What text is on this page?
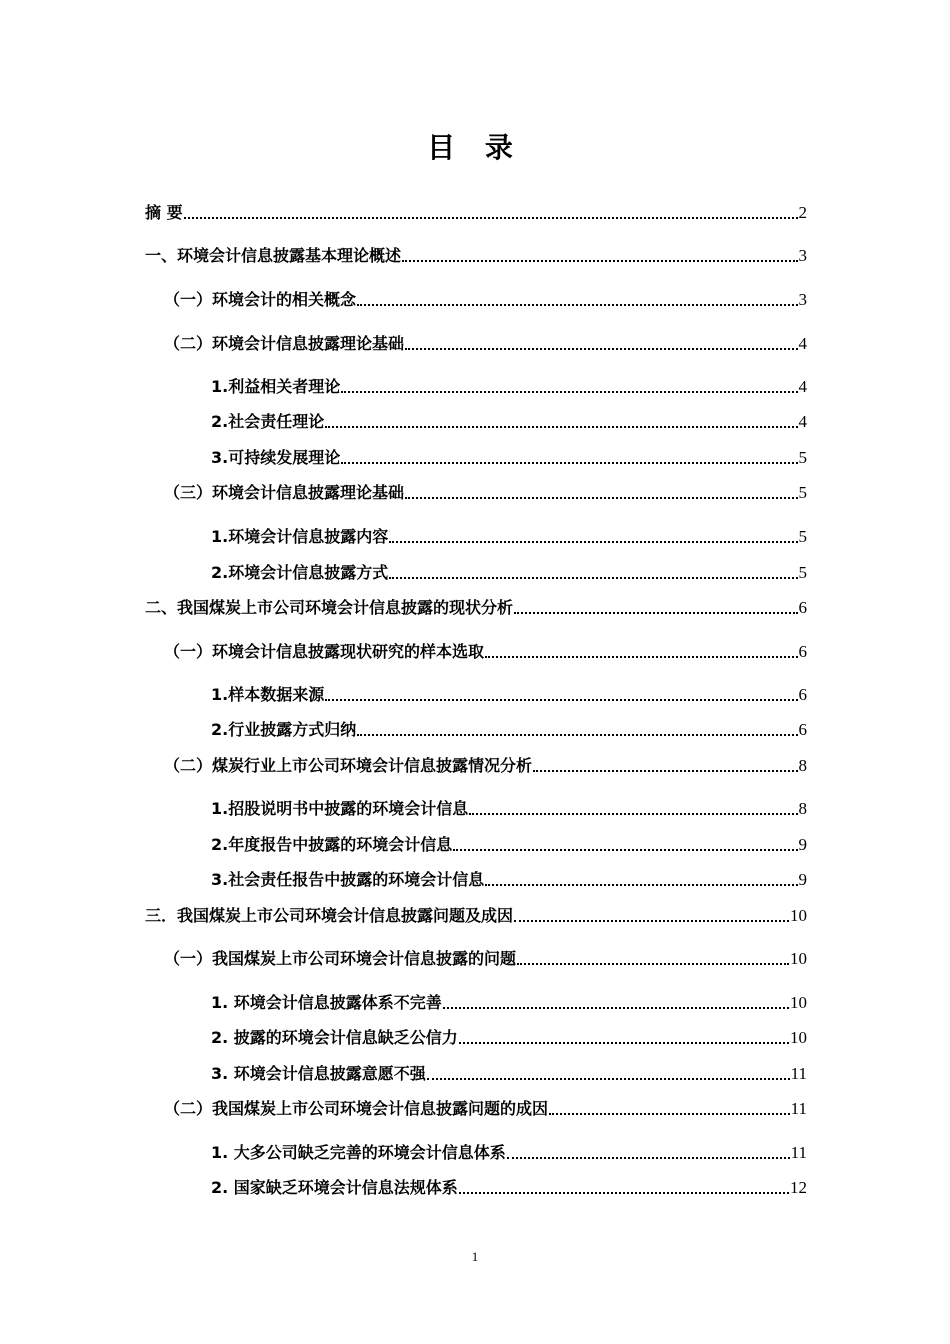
目 录
摘 要	2
一、环境会计信息披露基本理论概述	3
（一）环境会计的相关概念	3
（二）环境会计信息披露理论基础	4
1.利益相关者理论	4
2.社会责任理论	4
3.可持续发展理论	5
（三）环境会计信息披露理论基础	5
1.环境会计信息披露内容	5
2.环境会计信息披露方式	5
二、我国煤炭上市公司环境会计信息披露的现状分析	6
（一）环境会计信息披露现状研究的样本选取	6
1.样本数据来源	6
2.行业披露方式归纳	6
（二）煤炭行业上市公司环境会计信息披露情况分析	8
1.招股说明书中披露的环境会计信息	8
2.年度报告中披露的环境会计信息	9
3.社会责任报告中披露的环境会计信息	9
三．我国煤炭上市公司环境会计信息披露问题及成因	10
（一）我国煤炭上市公司环境会计信息披露的问题	10
1. 环境会计信息披露体系不完善	10
2. 披露的环境会计信息缺乏公信力	10
3. 环境会计信息披露意愿不强	11
（二）我国煤炭上市公司环境会计信息披露问题的成因	11
1. 大多公司缺乏完善的环境会计信息体系	11
2. 国家缺乏环境会计信息法规体系	12
1
